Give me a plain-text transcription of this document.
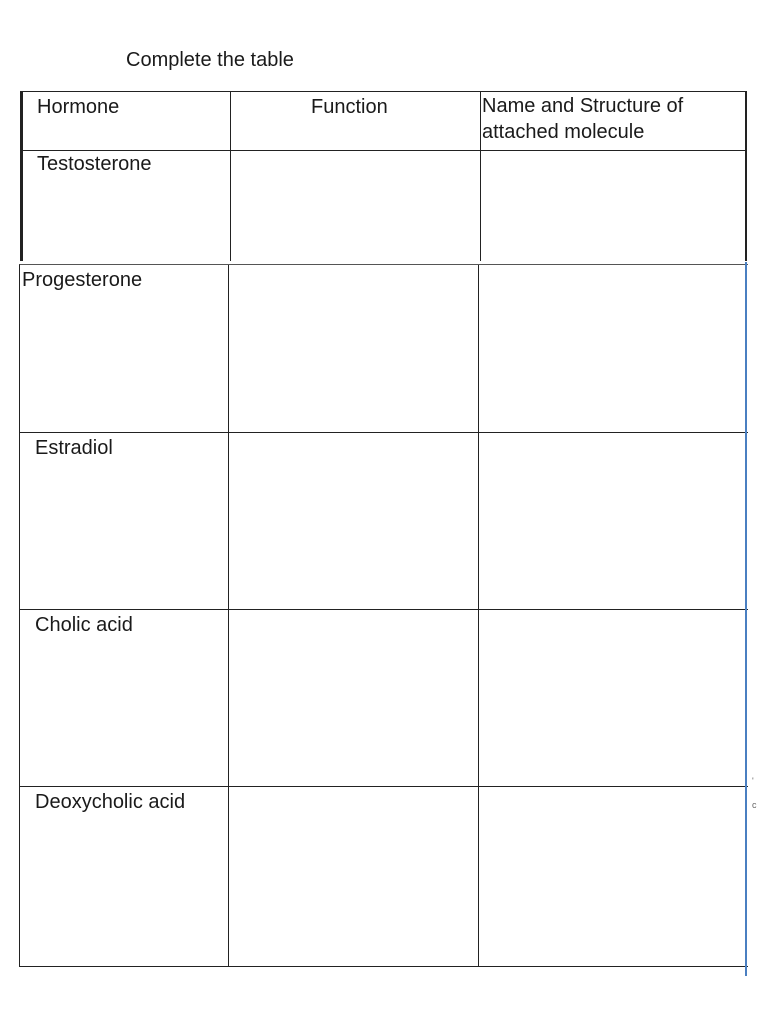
Complete the table
Hormone	Function	Name and Structure of
attached molecule
Testosterone
Progesterone
Estradiol
Cholic acid
Deoxycholic acid
'
c
